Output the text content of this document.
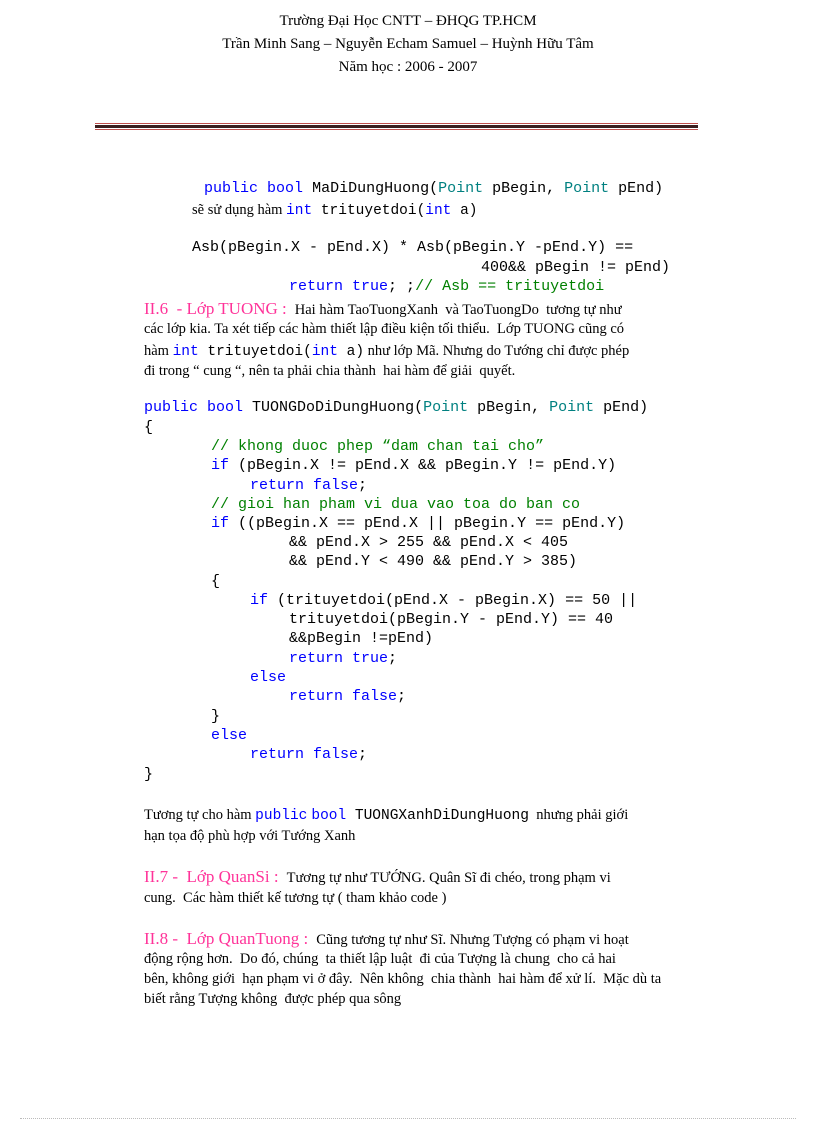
Trường Đại Học CNTT – ĐHQG TP.HCM
Trần Minh Sang – Nguyễn Echam Samuel – Huỳnh Hữu Tâm
Năm học : 2006 - 2007
public bool MaDiDungHuong(Point pBegin, Point pEnd)
sẽ sử dụng hàm int trituyetdoi(int a)
Asb(pBegin.X - pEnd.X) * Asb(pBegin.Y -pEnd.Y) ==
400&& pBegin != pEnd)
return true; ;// Asb == trituyetdoi
II.6  - Lớp TUONG : Hai hàm TaoTuongXanh  và TaoTuongDo  tương tự như
các lớp kia. Ta xét tiếp các hàm thiết lập điều kiện tối thiểu.  Lớp TUONG cũng có
hàm int trituyetdoi(int a) như lớp Mã. Nhưng do Tướng chỉ được phép
đi trong “ cung “, nên ta phải chia thành  hai hàm để giải  quyết.
public bool TUONGDoDiDungHuong(Point pBegin, Point pEnd)
{
// khong duoc phep “dam chan tai cho”
if (pBegin.X != pEnd.X && pBegin.Y != pEnd.Y)
return false;
// gioi han pham vi dua vao toa do ban co
if ((pBegin.X == pEnd.X || pBegin.Y == pEnd.Y)
&& pEnd.X > 255 && pEnd.X < 405
&& pEnd.Y < 490 && pEnd.Y > 385)
{
if (trituyetdoi(pEnd.X - pBegin.X) == 50 ||
trituyetdoi(pBegin.Y - pEnd.Y) == 40
&&pBegin !=pEnd)
return true;
else
return false;
}
else
return false;
}
Tương tự cho hàm public bool TUONGXanhDiDungHuong  nhưng phải giới
hạn tọa độ phù hợp với Tướng Xanh
II.7 -  Lớp QuanSi : Tương tự như TƯỚNG. Quân Sĩ đi chéo, trong phạm vi
cung.  Các hàm thiết kế tương tự ( tham khảo code )
II.8 -  Lớp QuanTuong : Cũng tương tự như Sĩ. Nhưng Tượng có phạm vi hoạt
động rộng hơn.  Do đó, chúng  ta thiết lập luật  đi của Tượng là chung  cho cả hai
bên, không giới  hạn phạm vi ở đây.  Nên không  chia thành  hai hàm để xử lí.  Mặc dù ta
biết rằng Tượng không  được phép qua sông
